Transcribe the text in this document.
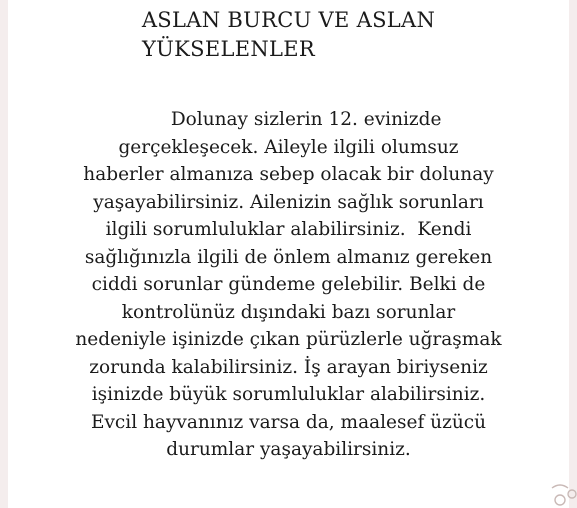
ASLAN BURCU VE ASLAN
YÜKSELENLER
Dolunay sizlerin 12. evinizde
gerçekleşecek. Aileyle ilgili olumsuz
haberler almanıza sebep olacak bir dolunay
yaşayabilirsiniz. Ailenizin sağlık sorunları
ilgili sorumluluklar alabilirsiniz.  Kendi
sağlığınızla ilgili de önlem almanız gereken
ciddi sorunlar gündeme gelebilir. Belki de
kontrolünüz dışındaki bazı sorunlar
nedeniyle işinizde çıkan pürüzlerle uğraşmak
zorunda kalabilirsiniz. İş arayan biriyseniz
işinizde büyük sorumluluklar alabilirsiniz.
Evcil hayvanınız varsa da, maalesef üzücü
durumlar yaşayabilirsiniz.
